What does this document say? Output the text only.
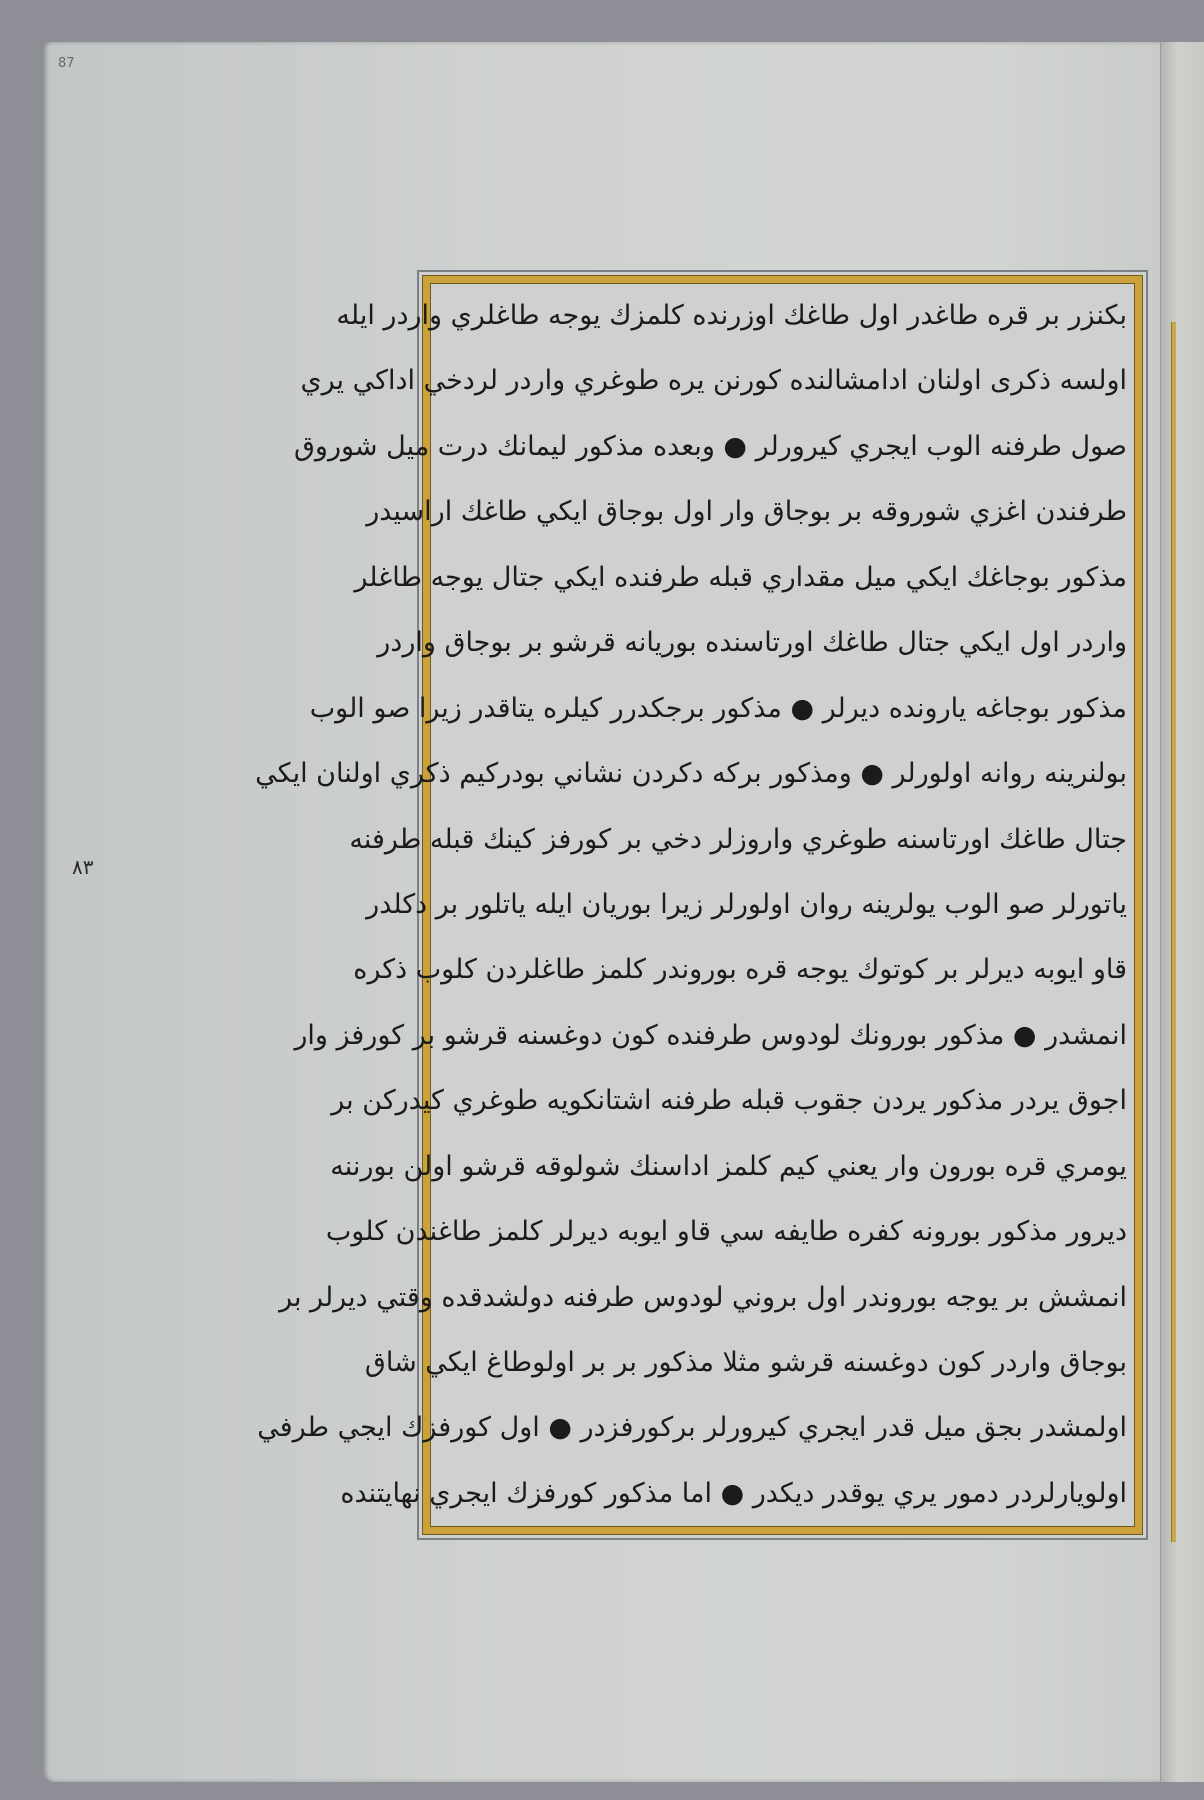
87
٨٣
بكنزر بر قره طاغدر اول طاغك اوزرنده كلمزك يوجه طاغلري واردر ايله
اولسه ذكرى اولنان ادامشالنده كورنن يره طوغري واردر لردخي اداكي يري
صول طرفنه الوب ايجري كيرورلر ● وبعده مذكور ليمانك درت ميل شوروق
طرفندن اغزي شوروقه بر بوجاق وار اول بوجاق ايكي طاغك اراسيدر
مذكور بوجاغك ايكي ميل مقداري قبله طرفنده ايكي جتال يوجه طاغلر
واردر اول ايكي جتال طاغك اورتاسنده بوريانه قرشو بر بوجاق واردر
مذكور بوجاغه يارونده ديرلر ● مذكور برجكدرر كيلره يتاقدر زيرا صو الوب
بولنرينه روانه اولورلر ● ومذكور بركه دكردن نشاني بودركيم ذكري اولنان ايكي
جتال طاغك اورتاسنه طوغري واروزلر دخي بر كورفز كينك قبله طرفنه
ياتورلر صو الوب يولرينه روان اولورلر زيرا بوريان ايله ياتلور بر دكلدر
قاو ايوبه ديرلر بر كوتوك يوجه قره بوروندر كلمز طاغلردن كلوب ذكره
انمشدر ● مذكور بورونك لودوس طرفنده كون دوغسنه قرشو بر كورفز وار
اجوق يردر مذكور يردن جقوب قبله طرفنه اشتانكويه طوغري كيدركن بر
يومري قره بورون وار يعني كيم كلمز اداسنك شولوقه قرشو اولن بورننه
ديرور مذكور بورونه كفره طايفه سي قاو ايوبه ديرلر كلمز طاغندن كلوب
انمشش بر يوجه بوروندر اول بروني لودوس طرفنه دولشدقده وقتي ديرلر بر
بوجاق واردر كون دوغسنه قرشو مثلا مذكور بر بر اولوطاغ ايكي شاق
اولمشدر بجق ميل قدر ايجري كيرورلر بركورفزدر ● اول كورفزك ايجي طرفي
اولويارلردر دمور يري يوقدر ديكدر ● اما مذكور كورفزك ايجري نهايتنده
